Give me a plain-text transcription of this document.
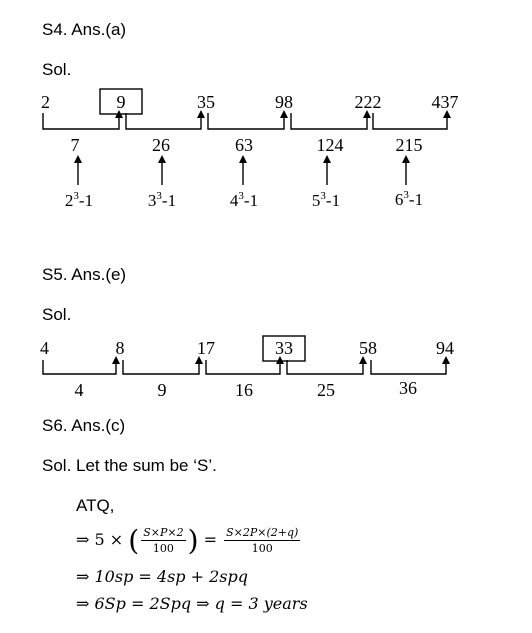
S4. Ans.(a)
Sol.
2	9	35	98	222	437
7	26	63	124	215
$2^3-1$	$3^3-1$	$4^3-1$	$5^3-1$	$6^3-1$
S5. Ans.(e)
Sol.
4	8	17	33	58	94
4	9	16	25	36
S6. Ans.(c)
Sol. Let the sum be ‘S’.
ATQ,
⇒ 5 × ( $\frac{S\times P\times 2}{100}$ ) = $\frac{S\times 2P\times(2+q)}{100}$
⇒ 10sp = 4sp + 2spq
⇒ 6Sp = 2Spq ⇒ q = 3 years
